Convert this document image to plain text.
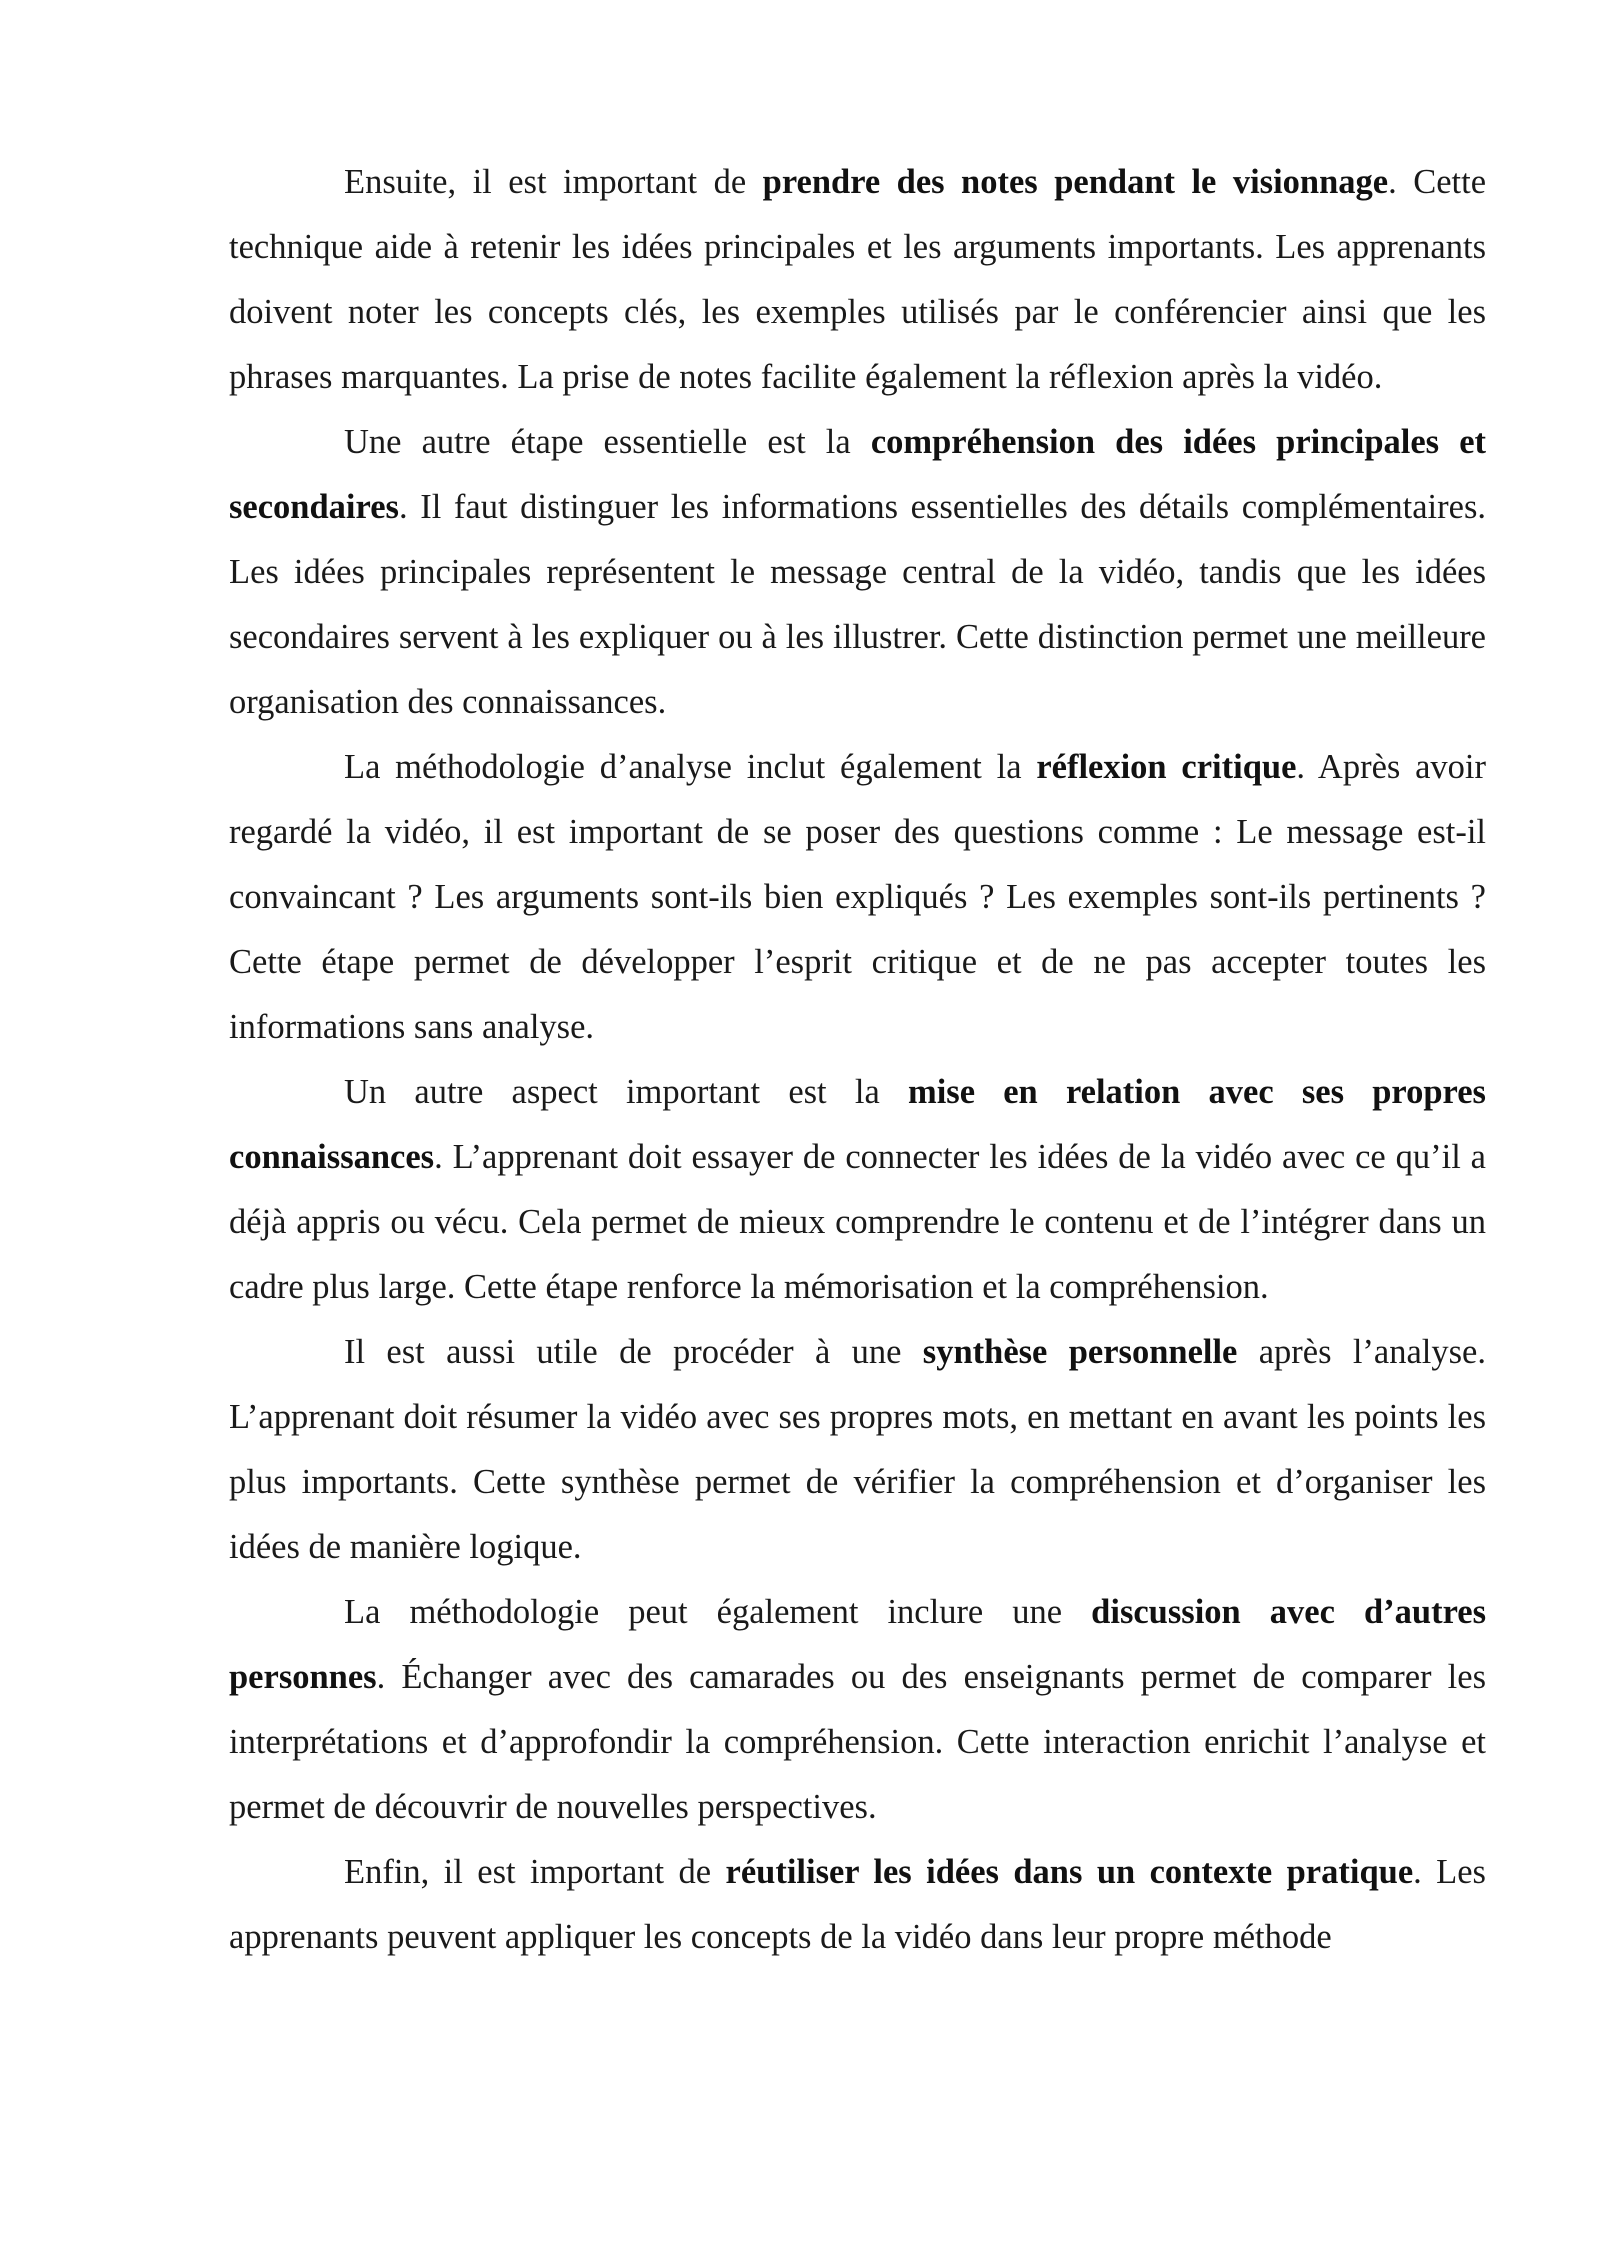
Ensuite, il est important de prendre des notes pendant le visionnage. Cette technique aide à retenir les idées principales et les arguments importants. Les apprenants doivent noter les concepts clés, les exemples utilisés par le conférencier ainsi que les phrases marquantes. La prise de notes facilite également la réflexion après la vidéo.

Une autre étape essentielle est la compréhension des idées principales et secondaires. Il faut distinguer les informations essentielles des détails complémentaires. Les idées principales représentent le message central de la vidéo, tandis que les idées secondaires servent à les expliquer ou à les illustrer. Cette distinction permet une meilleure organisation des connaissances.

La méthodologie d’analyse inclut également la réflexion critique. Après avoir regardé la vidéo, il est important de se poser des questions comme : Le message est-il convaincant ? Les arguments sont-ils bien expliqués ? Les exemples sont-ils pertinents ? Cette étape permet de développer l’esprit critique et de ne pas accepter toutes les informations sans analyse.

Un autre aspect important est la mise en relation avec ses propres connaissances. L’apprenant doit essayer de connecter les idées de la vidéo avec ce qu’il a déjà appris ou vécu. Cela permet de mieux comprendre le contenu et de l’intégrer dans un cadre plus large. Cette étape renforce la mémorisation et la compréhension.

Il est aussi utile de procéder à une synthèse personnelle après l’analyse. L’apprenant doit résumer la vidéo avec ses propres mots, en mettant en avant les points les plus importants. Cette synthèse permet de vérifier la compréhension et d’organiser les idées de manière logique.

La méthodologie peut également inclure une discussion avec d’autres personnes. Échanger avec des camarades ou des enseignants permet de comparer les interprétations et d’approfondir la compréhension. Cette interaction enrichit l’analyse et permet de découvrir de nouvelles perspectives.

Enfin, il est important de réutiliser les idées dans un contexte pratique. Les apprenants peuvent appliquer les concepts de la vidéo dans leur propre méthode
